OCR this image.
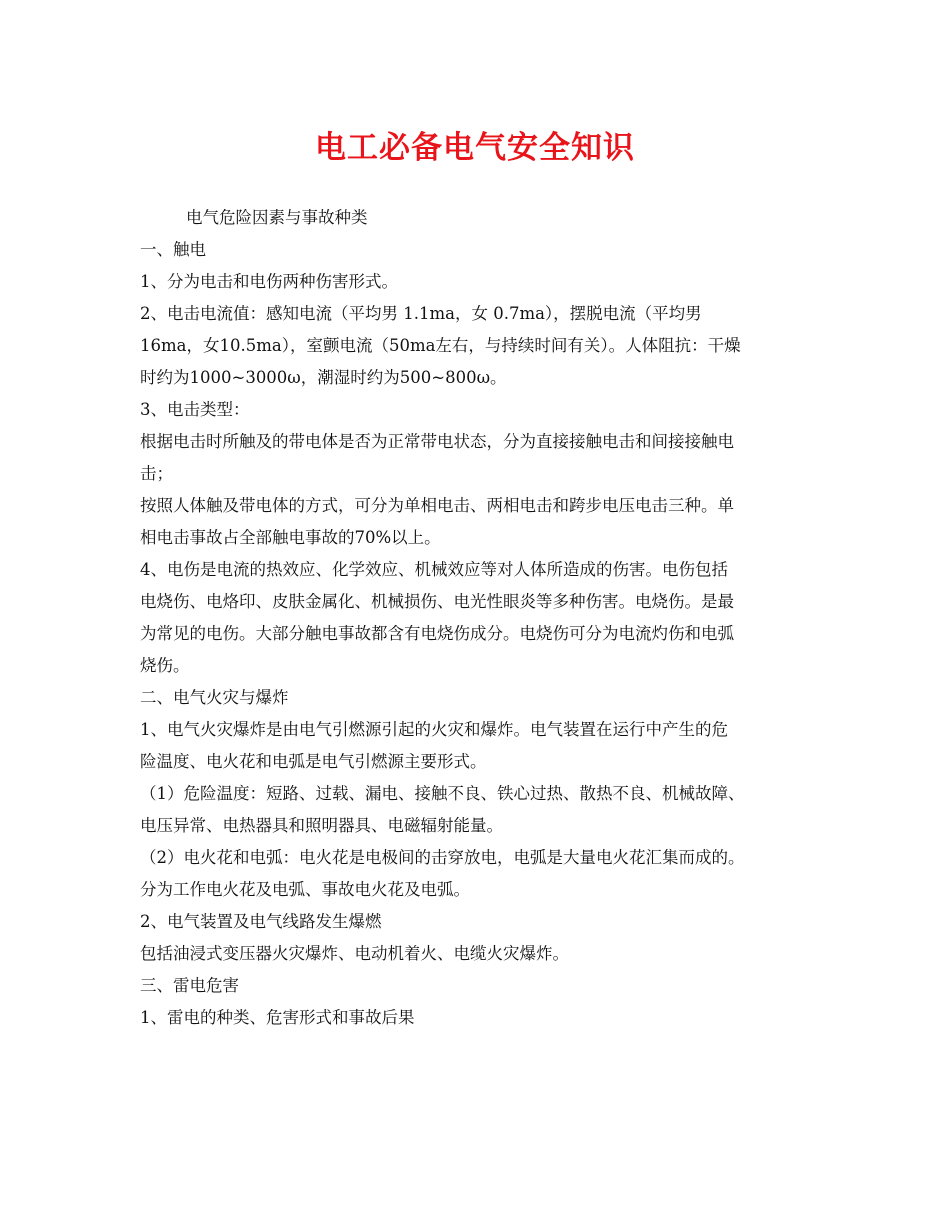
电工必备电气安全知识

电气危险因素与事故种类

一、触电

1、分为电击和电伤两种伤害形式。

2、电击电流值：感知电流（平均男 1.1ma，女 0.7ma），摆脱电流（平均男

16ma，女10.5ma），室颤电流（50ma左右，与持续时间有关）。人体阻抗：干燥

时约为1000~3000ω，潮湿时约为500~800ω。

3、电击类型：

根据电击时所触及的带电体是否为正常带电状态，分为直接接触电击和间接接触电

击；

按照人体触及带电体的方式，可分为单相电击、两相电击和跨步电压电击三种。单

相电击事故占全部触电事故的70%以上。

4、电伤是电流的热效应、化学效应、机械效应等对人体所造成的伤害。电伤包括

电烧伤、电烙印、皮肤金属化、机械损伤、电光性眼炎等多种伤害。电烧伤。是最

为常见的电伤。大部分触电事故都含有电烧伤成分。电烧伤可分为电流灼伤和电弧

烧伤。

二、电气火灾与爆炸

1、电气火灾爆炸是由电气引燃源引起的火灾和爆炸。电气装置在运行中产生的危

险温度、电火花和电弧是电气引燃源主要形式。

（1）危险温度：短路、过载、漏电、接触不良、铁心过热、散热不良、机械故障、

电压异常、电热器具和照明器具、电磁辐射能量。

（2）电火花和电弧：电火花是电极间的击穿放电，电弧是大量电火花汇集而成的。

分为工作电火花及电弧、事故电火花及电弧。

2、电气装置及电气线路发生爆燃

包括油浸式变压器火灾爆炸、电动机着火、电缆火灾爆炸。

三、雷电危害

1、雷电的种类、危害形式和事故后果
